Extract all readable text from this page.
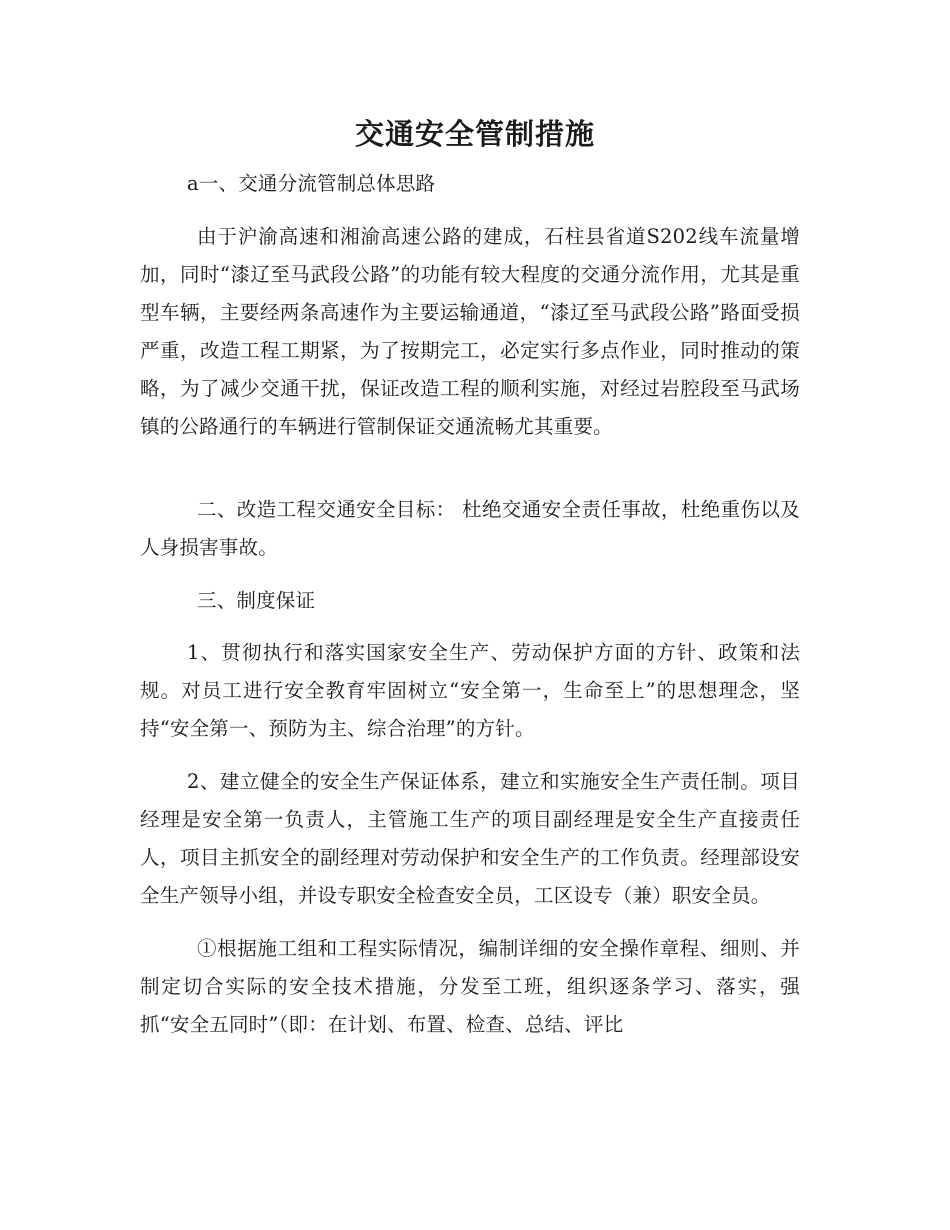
交通安全管制措施

a一、交通分流管制总体思路

由于沪渝高速和湘渝高速公路的建成，石柱县省道S202线车流量增加，同时“漆辽至马武段公路”的功能有较大程度的交通分流作用，尤其是重型车辆，主要经两条高速作为主要运输通道，“漆辽至马武段公路”路面受损严重，改造工程工期紧，为了按期完工，必定实行多点作业，同时推动的策略，为了减少交通干扰，保证改造工程的顺利实施，对经过岩腔段至马武场镇的公路通行的车辆进行管制保证交通流畅尤其重要。

二、改造工程交通安全目标： 杜绝交通安全责任事故，杜绝重伤以及人身损害事故。

三、制度保证

1、贯彻执行和落实国家安全生产、劳动保护方面的方针、政策和法规。对员工进行安全教育牢固树立“安全第一，生命至上”的思想理念，坚持“安全第一、预防为主、综合治理”的方针。

2、建立健全的安全生产保证体系，建立和实施安全生产责任制。项目经理是安全第一负责人，主管施工生产的项目副经理是安全生产直接责任人，项目主抓安全的副经理对劳动保护和安全生产的工作负责。经理部设安全生产领导小组，并设专职安全检查安全员，工区设专（兼）职安全员。

①根据施工组和工程实际情况，编制详细的安全操作章程、细则、并制定切合实际的安全技术措施，分发至工班，组织逐条学习、落实，强抓“安全五同时”（即：在计划、布置、检查、总结、评比
